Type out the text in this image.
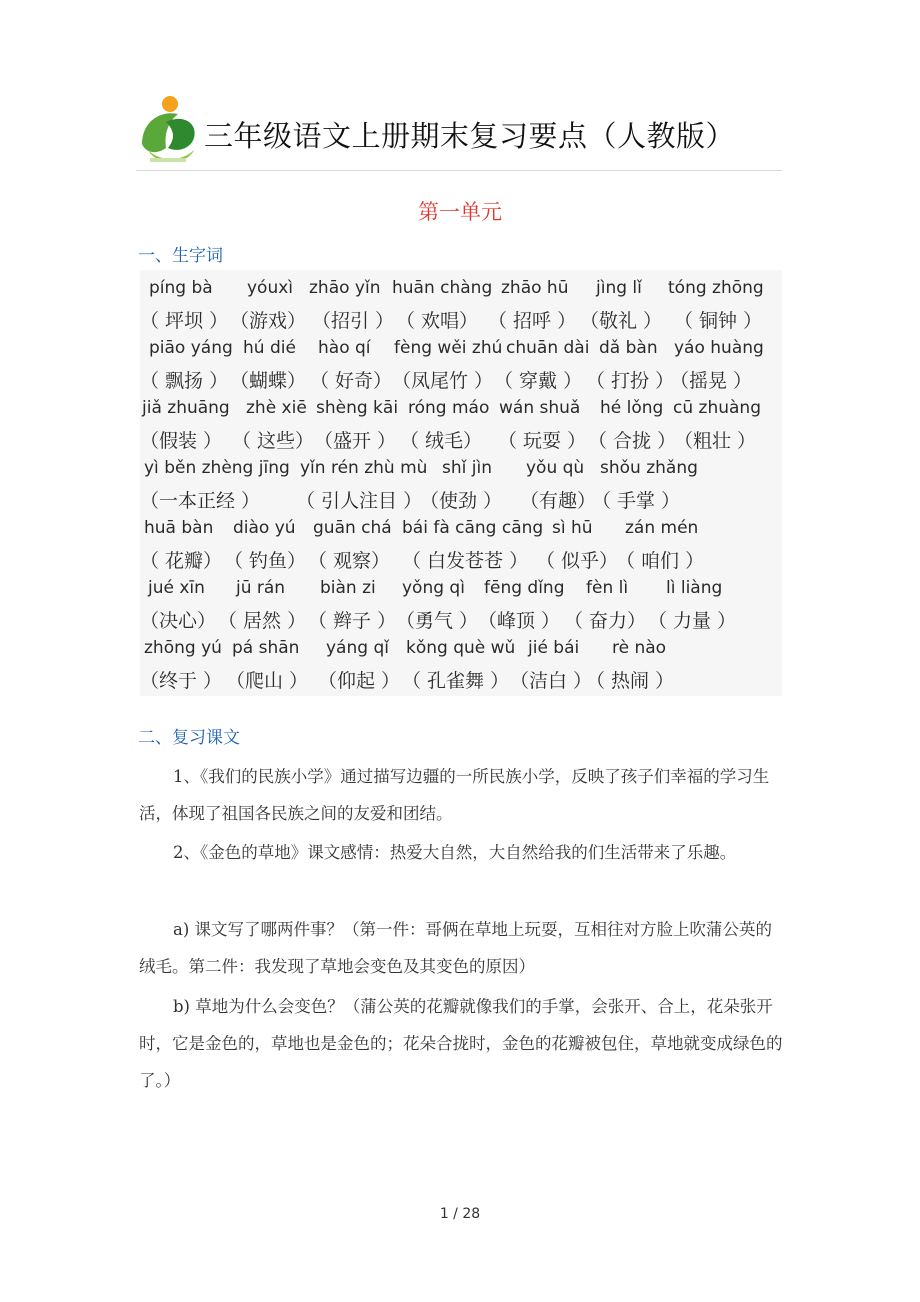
三年级语文上册期末复习要点（人教版）
第一单元
一、生字词
píng bà yóuxì zhāo yǐn huān chàng zhāo hū jìng lǐ tóng zhōng
（ 坪坝 ） （游戏） （招引 ） （ 欢唱） （ 招呼 ） （敬礼 ） （ 铜钟 ）
piāo yáng hú dié hào qí fèng wěi zhú chuān dài dǎ bàn yáo huàng
（ 飘扬 ） （蝴蝶） （ 好奇） （凤尾竹 ） （ 穿戴 ） （ 打扮 ）
（摇晃 ）
jiǎ zhuāng zhè xiē shèng kāi róng máo wán shuǎ hé lǒng cū zhuàng
（假装 ） （ 这些） （盛开 ） （ 绒毛） （ 玩耍 ） （ 合拢 ）
（粗壮 ）
yì běn zhèng jīng yǐn rén zhù mù shǐ jìn yǒu qù shǒu zhǎng
（一本正经 ） （ 引人注目 ）
（使劲 ） （有趣）
（ 手掌 ）
huā bàn diào yú guān chá bái fà cāng cāng sì hū zán mén
（ 花瓣） （ 钓鱼） （ 观察） （ 白发苍苍 ） （ 似乎）
（ 咱们 ）
jué xīn jū rán biàn zi yǒng qì fēng dǐng fèn lì lì liàng
（决心） （ 居然 ） （ 辫子 ） （勇气 ） （峰顶 ） （ 奋力） （ 力量 ）
zhōng yú pá shān yáng qǐ kǒng què wǔ jié bái rè nào
（终于 ） （爬山 ） （仰起 ） （ 孔雀舞 ） （洁白 ）
（ 热闹 ）
二、复习课文
1、《我们的民族小学》通过描写边疆的一所民族小学，反映了孩子们幸福的学习生活，体现了祖国各民族之间的友爱和团结。
2、《金色的草地》课文感情：热爱大自然，大自然给我的们生活带来了乐趣。
a) 课文写了哪两件事？（第一件：哥俩在草地上玩耍，互相往对方脸上吹蒲公英的绒毛。第二件：我发现了草地会变色及其变色的原因）
b) 草地为什么会变色？（蒲公英的花瓣就像我们的手掌，会张开、合上，花朵张开时，它是金色的，草地也是金色的；花朵合拢时，金色的花瓣被包住，草地就变成绿色的了。）
1 / 28
